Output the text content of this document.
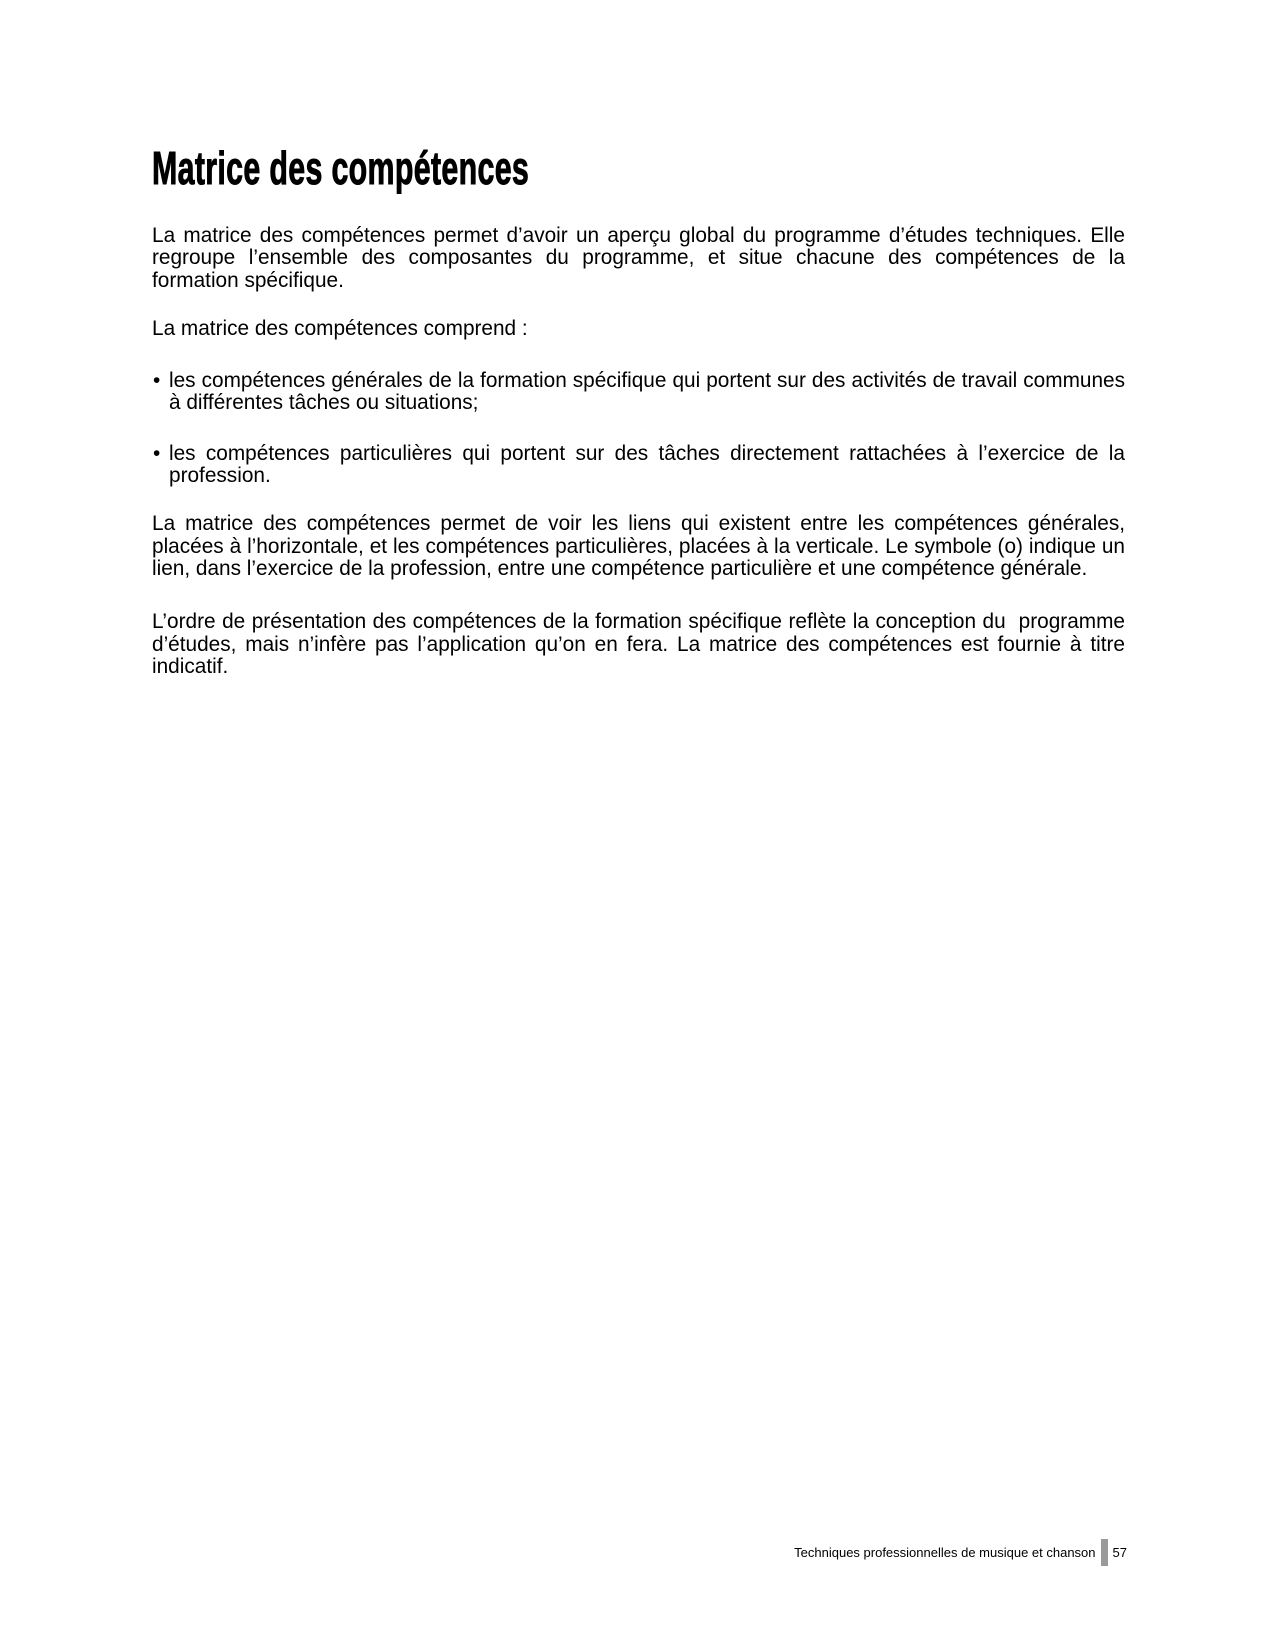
Matrice des compétences

La matrice des compétences permet d’avoir un aperçu global du programme d’études techniques. Elle regroupe l’ensemble des composantes du programme, et situe chacune des compétences de la formation spécifique.

La matrice des compétences comprend :

• les compétences générales de la formation spécifique qui portent sur des activités de travail communes à différentes tâches ou situations;
• les compétences particulières qui portent sur des tâches directement rattachées à l’exercice de la profession.

La matrice des compétences permet de voir les liens qui existent entre les compétences générales, placées à l’horizontale, et les compétences particulières, placées à la verticale. Le symbole (o) indique un lien, dans l’exercice de la profession, entre une compétence particulière et une compétence générale.

L’ordre de présentation des compétences de la formation spécifique reflète la conception du  programme d’études, mais n’infère pas l’application qu’on en fera. La matrice des compétences est fournie à titre indicatif.

Techniques professionnelles de musique et chanson 57
